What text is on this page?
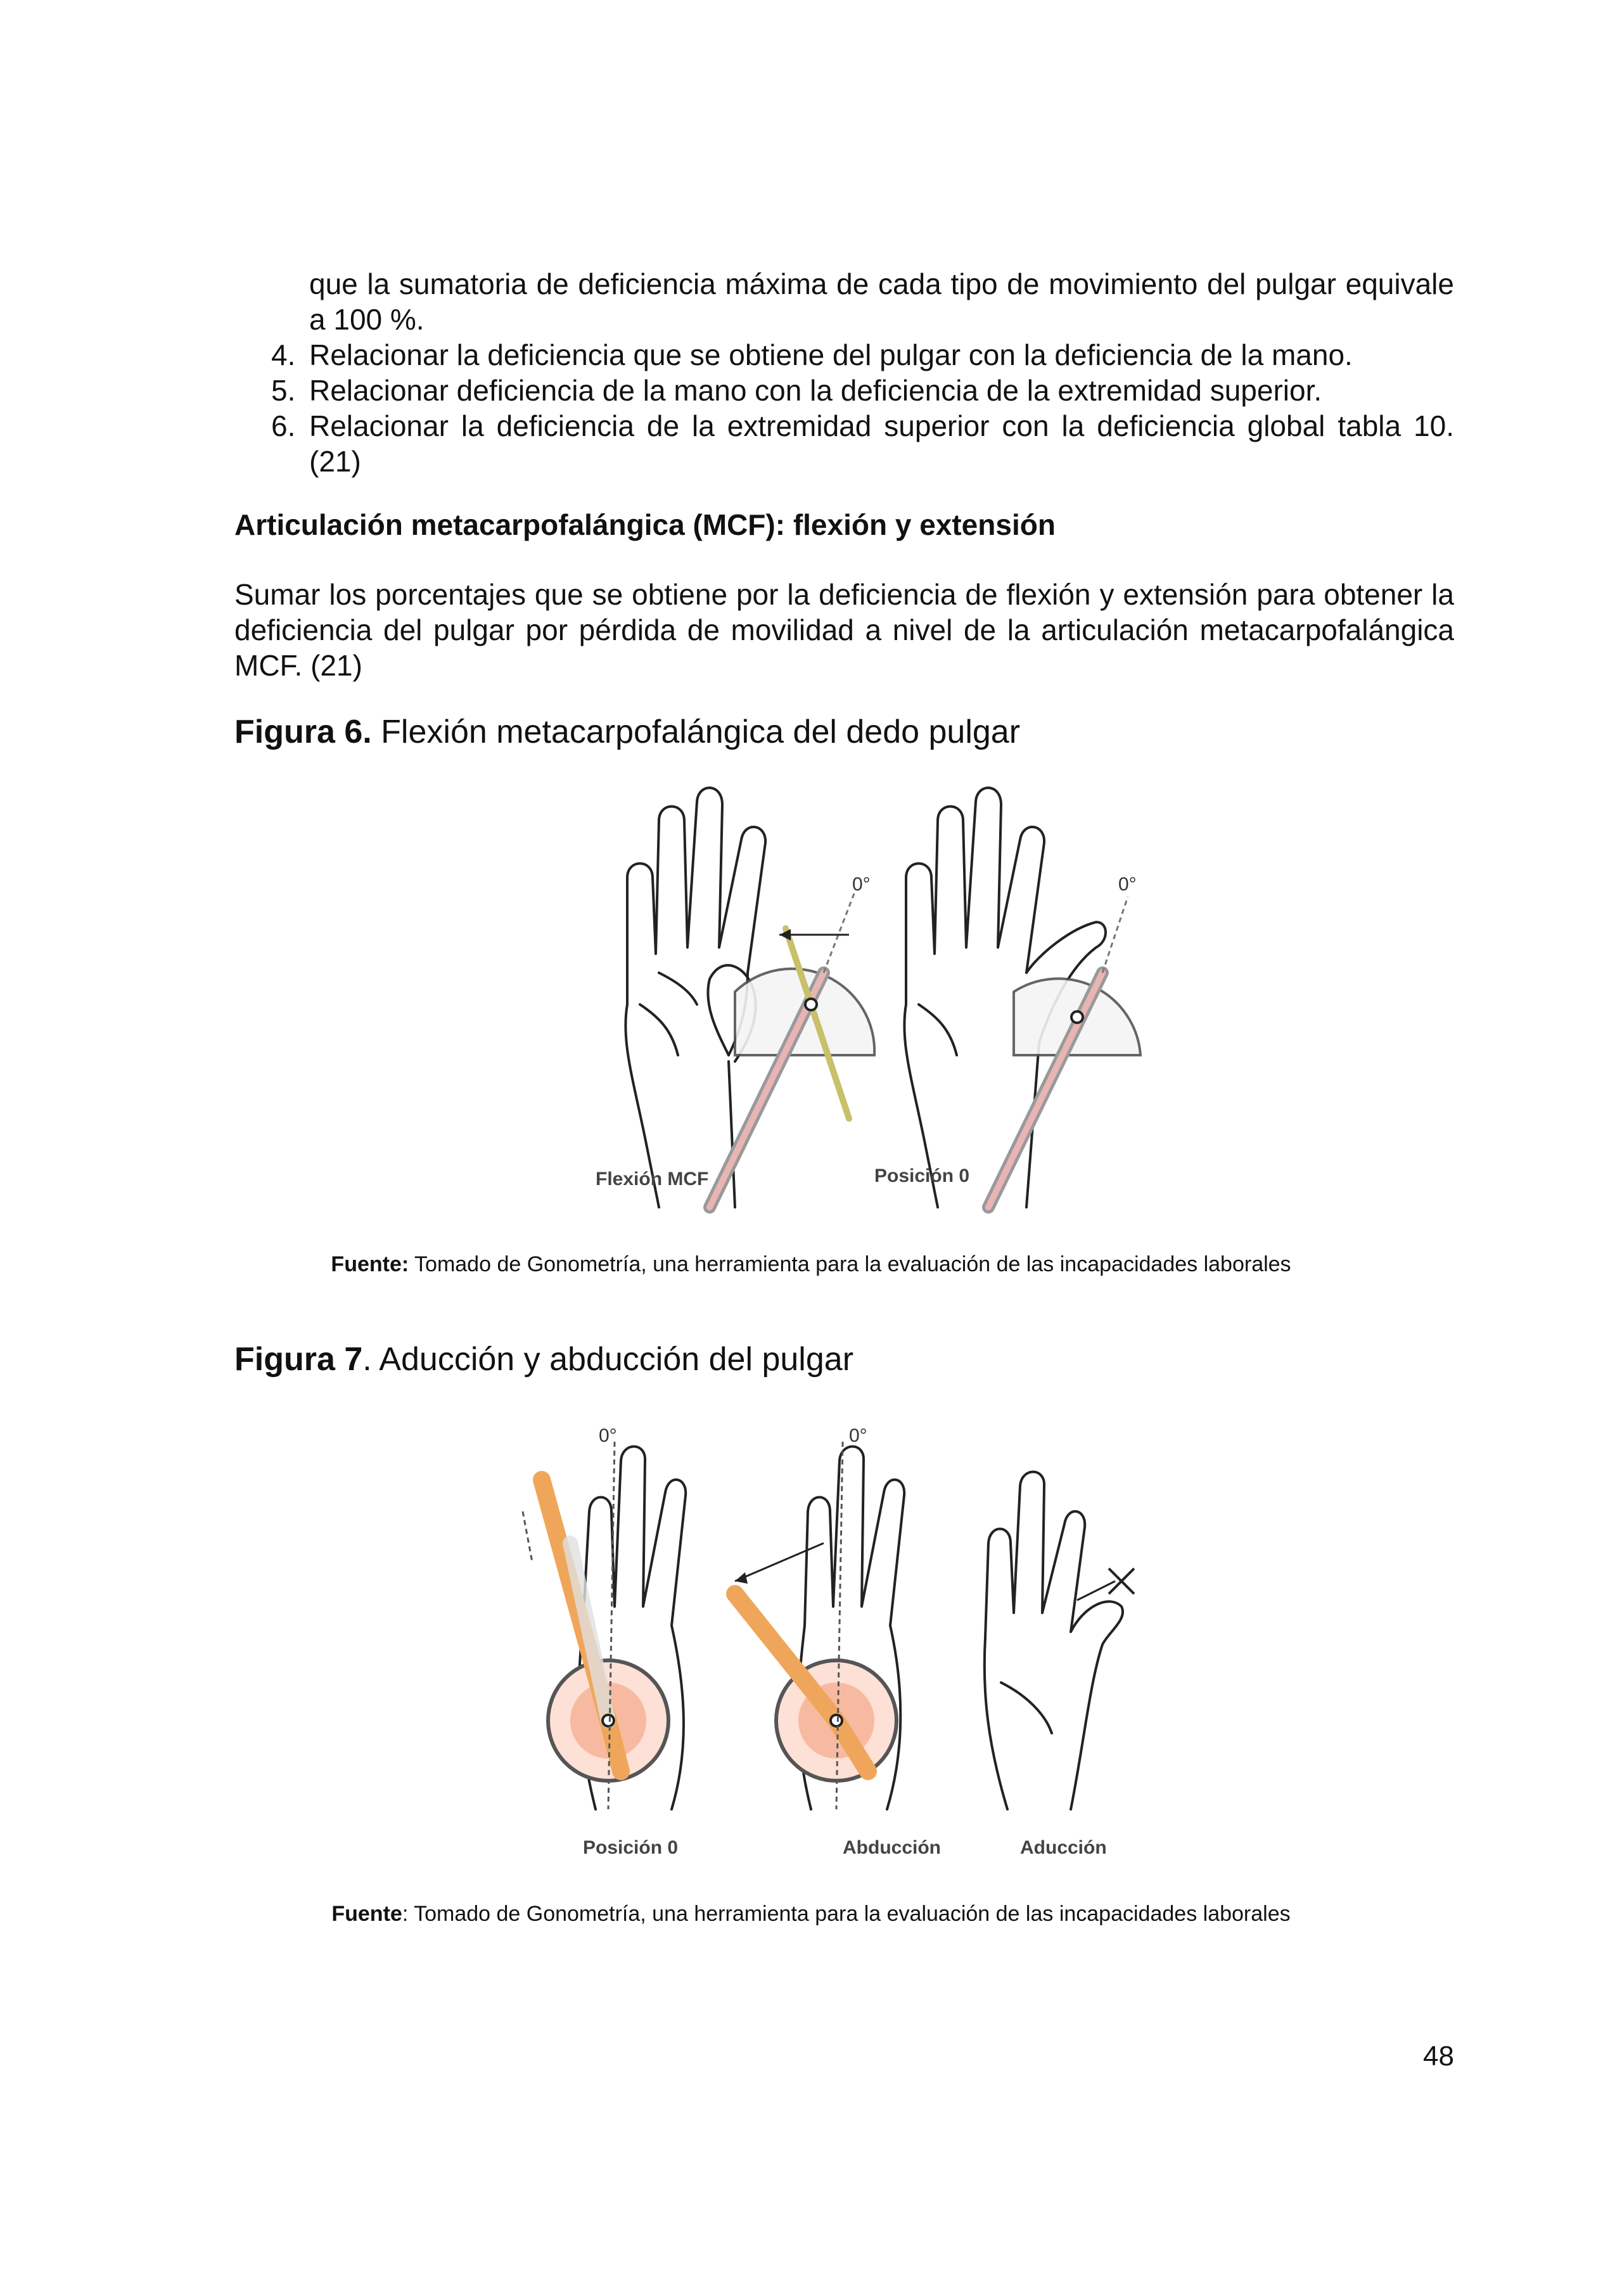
que la sumatoria de deficiencia máxima de cada tipo de movimiento del pulgar equivale a 100 %.
4. Relacionar la deficiencia que se obtiene del pulgar con la deficiencia de la mano.
5. Relacionar deficiencia de la mano con la deficiencia de la extremidad superior.
6. Relacionar la deficiencia de la extremidad superior con la deficiencia global tabla 10. (21)
Articulación metacarpofalángica (MCF): flexión y extensión
Sumar los porcentajes que se obtiene por la deficiencia de flexión y extensión para obtener la deficiencia del pulgar por pérdida de movilidad a nivel de la articulación metacarpofalángica MCF. (21)
Figura 6. Flexión metacarpofalángica del dedo pulgar
0°	0°
Flexión MCF	Posición 0
Fuente: Tomado de Gonometría, una herramienta para la evaluación de las incapacidades laborales
Figura 7. Aducción y abducción del pulgar
0°	0°
Posición 0	Abducción	Aducción
Fuente: Tomado de Gonometría, una herramienta para la evaluación de las incapacidades laborales
48
